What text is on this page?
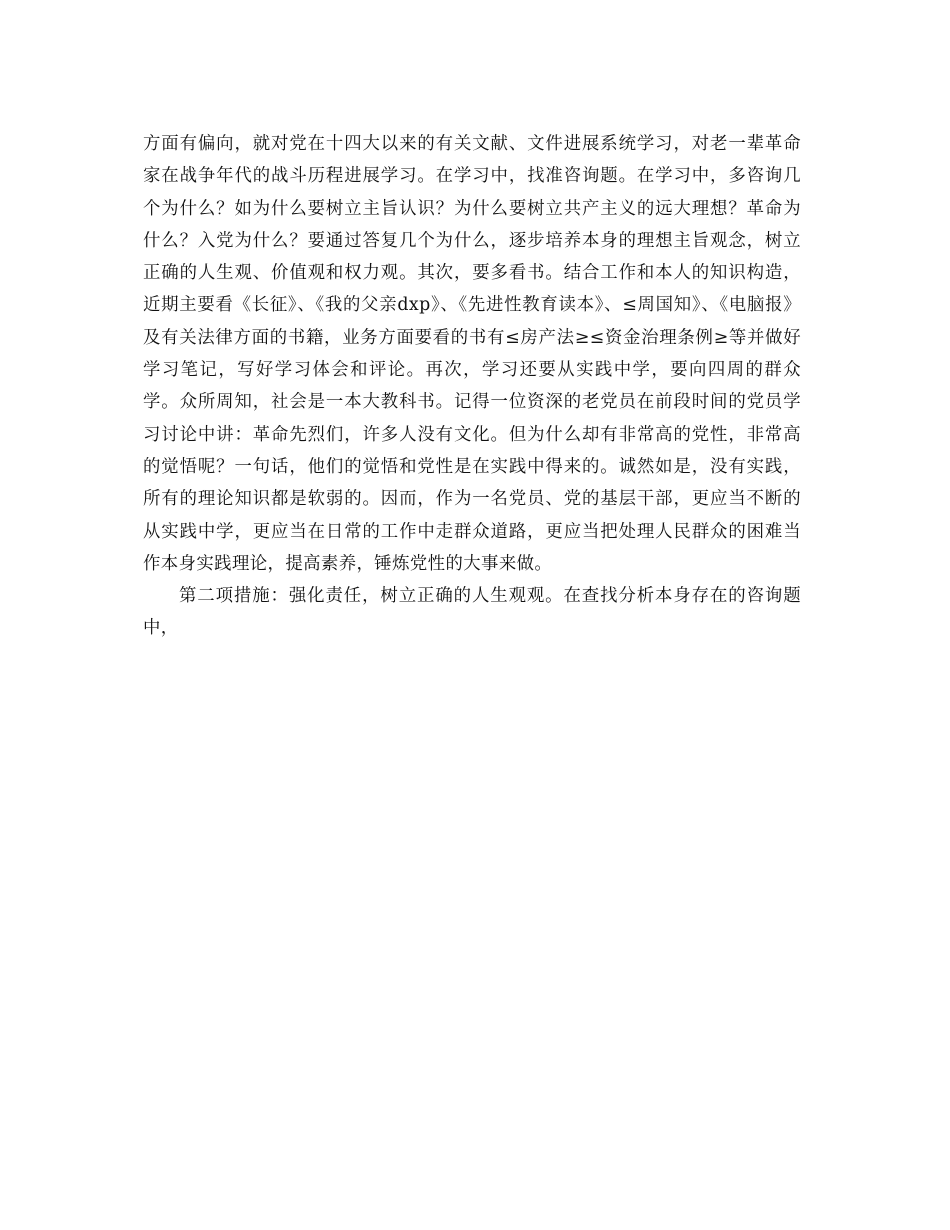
方面有偏向，就对党在十四大以来的有关文献、文件进展系统学习，对老一辈革命家在战争年代的战斗历程进展学习。在学习中，找准咨询题。在学习中，多咨询几个为什么？如为什么要树立主旨认识？为什么要树立共产主义的远大理想？革命为什么？入党为什么？要通过答复几个为什么，逐步培养本身的理想主旨观念，树立正确的人生观、价值观和权力观。其次，要多看书。结合工作和本人的知识构造，近期主要看《长征》、《我的父亲dxp》、《先进性教育读本》、≤周国知》、《电脑报》及有关法律方面的书籍，业务方面要看的书有≤房产法≥≤资金治理条例≥等并做好学习笔记，写好学习体会和评论。再次，学习还要从实践中学，要向四周的群众学。众所周知，社会是一本大教科书。记得一位资深的老党员在前段时间的党员学习讨论中讲：革命先烈们，许多人没有文化。但为什么却有非常高的党性，非常高的觉悟呢？一句话，他们的觉悟和党性是在实践中得来的。诚然如是，没有实践，所有的理论知识都是软弱的。因而，作为一名党员、党的基层干部，更应当不断的从实践中学，更应当在日常的工作中走群众道路，更应当把处理人民群众的困难当作本身实践理论，提高素养，锤炼党性的大事来做。

第二项措施：强化责任，树立正确的人生观观。在查找分析本身存在的咨询题中，
